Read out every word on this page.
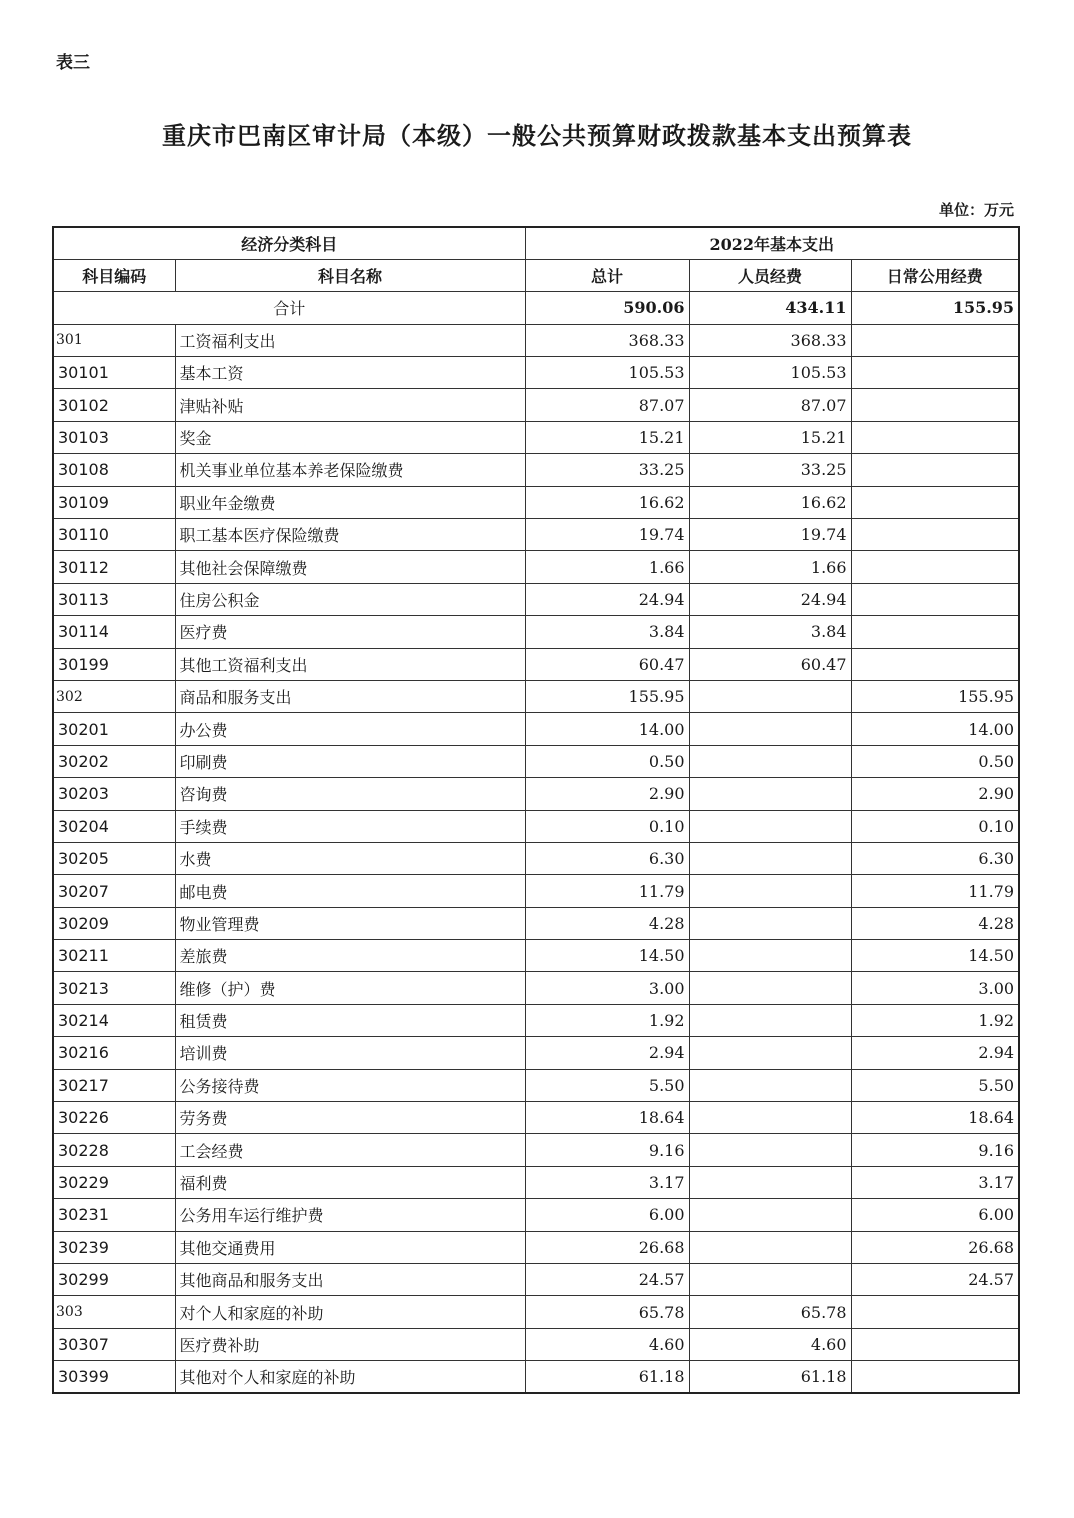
表三
重庆市巴南区审计局（本级）一般公共预算财政拨款基本支出预算表
单位：万元
经济分类科目		2022年基本支出		
科目编码	科目名称	总计	人员经费	日常公用经费
合计		590.06	434.11	155.95
301	工资福利支出	368.33	368.33	
30101	基本工资	105.53	105.53	
30102	津贴补贴	87.07	87.07	
30103	奖金	15.21	15.21	
30108	机关事业单位基本养老保险缴费	33.25	33.25	
30109	职业年金缴费	16.62	16.62	
30110	职工基本医疗保险缴费	19.74	19.74	
30112	其他社会保障缴费	1.66	1.66	
30113	住房公积金	24.94	24.94	
30114	医疗费	3.84	3.84	
30199	其他工资福利支出	60.47	60.47	
302	商品和服务支出	155.95		155.95
30201	办公费	14.00		14.00
30202	印刷费	0.50		0.50
30203	咨询费	2.90		2.90
30204	手续费	0.10		0.10
30205	水费	6.30		6.30
30207	邮电费	11.79		11.79
30209	物业管理费	4.28		4.28
30211	差旅费	14.50		14.50
30213	维修（护）费	3.00		3.00
30214	租赁费	1.92		1.92
30216	培训费	2.94		2.94
30217	公务接待费	5.50		5.50
30226	劳务费	18.64		18.64
30228	工会经费	9.16		9.16
30229	福利费	3.17		3.17
30231	公务用车运行维护费	6.00		6.00
30239	其他交通费用	26.68		26.68
30299	其他商品和服务支出	24.57		24.57
303	对个人和家庭的补助	65.78	65.78	
30307	医疗费补助	4.60	4.60	
30399	其他对个人和家庭的补助	61.18	61.18	
